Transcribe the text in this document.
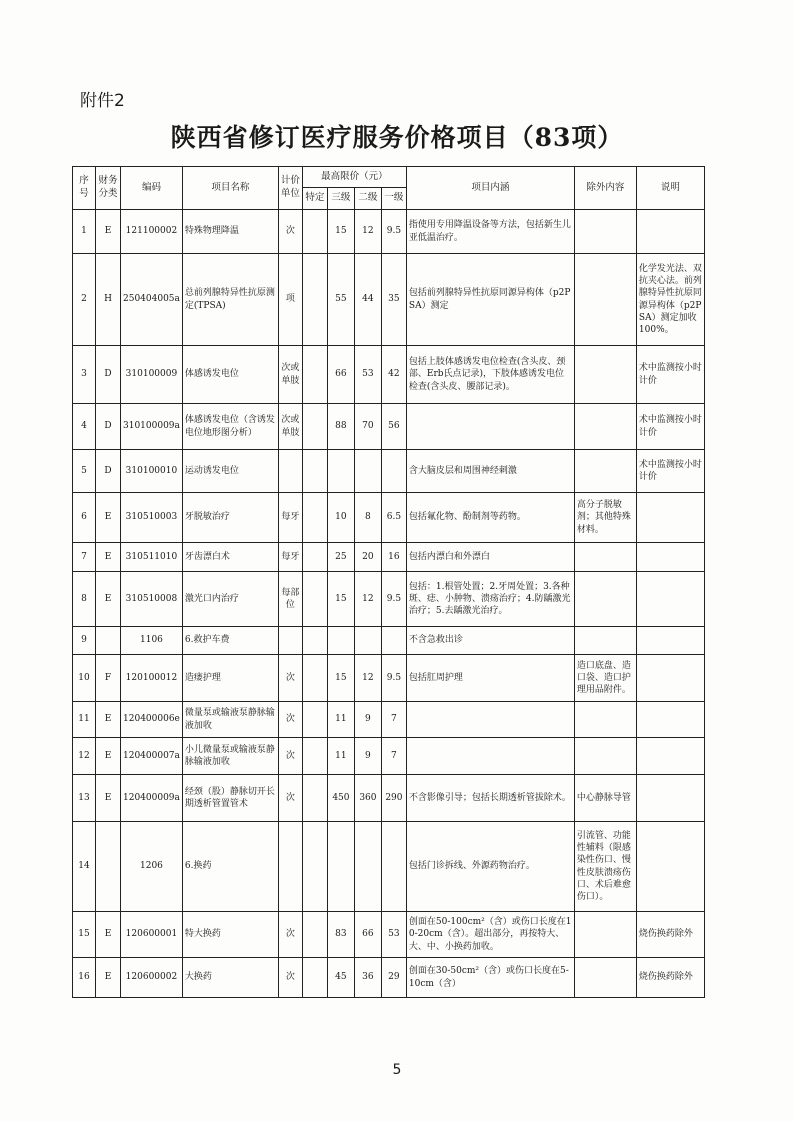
附件2
陕西省修订医疗服务价格项目（83项）
序号	财务分类	编码	项目名称	计价单位	最高限价（元）				项目内涵	除外内容	说明
					特定	三级	二级	一级			
1	E	121100002	特殊物理降温	次		15	12	9.5	指使用专用降温设备等方法，包括新生儿亚低温治疗。		
2	H	250404005a	总前列腺特异性抗原测定(TPSA)	项		55	44	35	包括前列腺特异性抗原同源异构体（p2PSA）测定		化学发光法、双抗夹心法。前列腺特异性抗原同源异构体（p2PSA）测定加收100%。
3	D	310100009	体感诱发电位	次或单肢		66	53	42	包括上肢体感诱发电位检查(含头皮、颈部、Erb氏点记录)，下肢体感诱发电位检查(含头皮、腰部记录)。		术中监测按小时计价
4	D	310100009a	体感诱发电位（含诱发电位地形图分析）	次或单肢		88	70	56			术中监测按小时计价
5	D	310100010	运动诱发电位						含大脑皮层和周围神经刺激		术中监测按小时计价
6	E	310510003	牙脱敏治疗	每牙		10	8	6.5	包括氟化物、酚制剂等药物。	高分子脱敏剂；其他特殊材料。	
7	E	310511010	牙齿漂白术	每牙		25	20	16	包括内漂白和外漂白		
8	E	310510008	激光口内治疗	每部位		15	12	9.5	包括：1.根管处置；2.牙周处置；3.各种斑、痣、小肿物、溃疡治疗；4.防龋激光治疗；5.去龋激光治疗。		
9		1106	6.救护车费						不含急救出诊		
10	F	120100012	造瘘护理	次		15	12	9.5	包括肛周护理	造口底盘、造口袋、造口护理用品附件。	
11	E	120400006e	微量泵或输液泵静脉输液加收	次		11	9	7			
12	E	120400007a	小儿微量泵或输液泵静脉输液加收	次		11	9	7			
13	E	120400009a	经颈（股）静脉切开长期透析管置管术	次		450	360	290	不含影像引导；包括长期透析管拔除术。	中心静脉导管	
14		1206	6.换药						包括门诊拆线、外源药物治疗。	引流管、功能性辅料（限感染性伤口、慢性皮肤溃疡伤口、术后难愈伤口）。	
15	E	120600001	特大换药	次		83	66	53	创面在50-100cm²（含）或伤口长度在10-20cm（含）。超出部分，再按特大、大、中、小换药加收。		烧伤换药除外
16	E	120600002	大换药	次		45	36	29	创面在30-50cm²（含）或伤口长度在5-10cm（含）		烧伤换药除外
5
